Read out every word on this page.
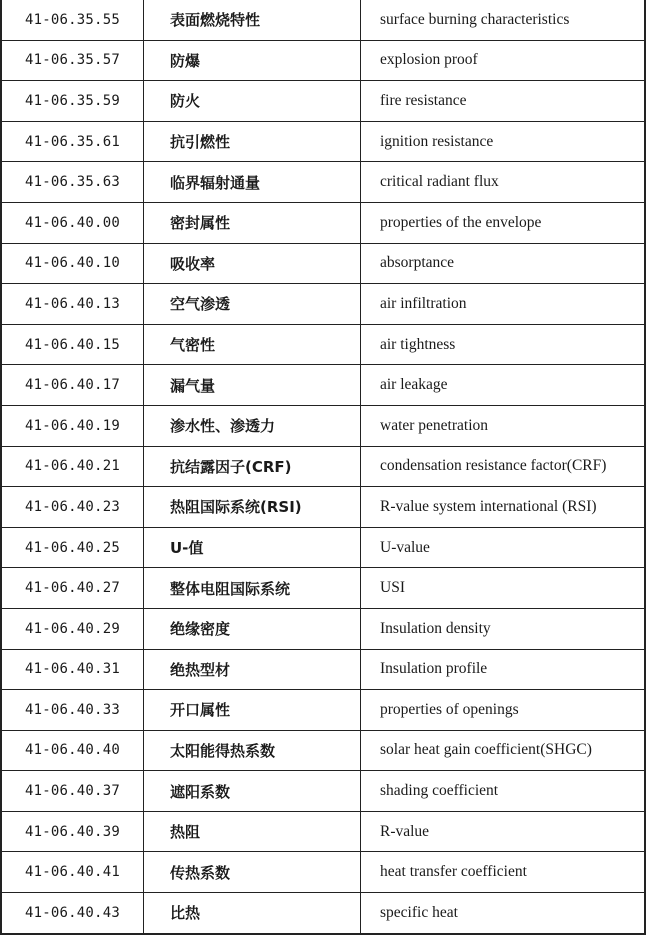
41-06.35.55	表面燃烧特性	surface burning characteristics
41-06.35.57	防爆	explosion proof
41-06.35.59	防火	fire resistance
41-06.35.61	抗引燃性	ignition resistance
41-06.35.63	临界辐射通量	critical radiant flux
41-06.40.00	密封属性	properties of the envelope
41-06.40.10	吸收率	absorptance
41-06.40.13	空气渗透	air infiltration
41-06.40.15	气密性	air tightness
41-06.40.17	漏气量	air leakage
41-06.40.19	渗水性、渗透力	water penetration
41-06.40.21	抗结露因子(CRF)	condensation resistance factor(CRF)
41-06.40.23	热阻国际系统(RSI)	R-value system international (RSI)
41-06.40.25	U-值	U-value
41-06.40.27	整体电阻国际系统	USI
41-06.40.29	绝缘密度	Insulation density
41-06.40.31	绝热型材	Insulation profile
41-06.40.33	开口属性	properties of openings
41-06.40.40	太阳能得热系数	solar heat gain coefficient(SHGC)
41-06.40.37	遮阳系数	shading coefficient
41-06.40.39	热阻	R-value
41-06.40.41	传热系数	heat transfer coefficient
41-06.40.43	比热	specific heat
